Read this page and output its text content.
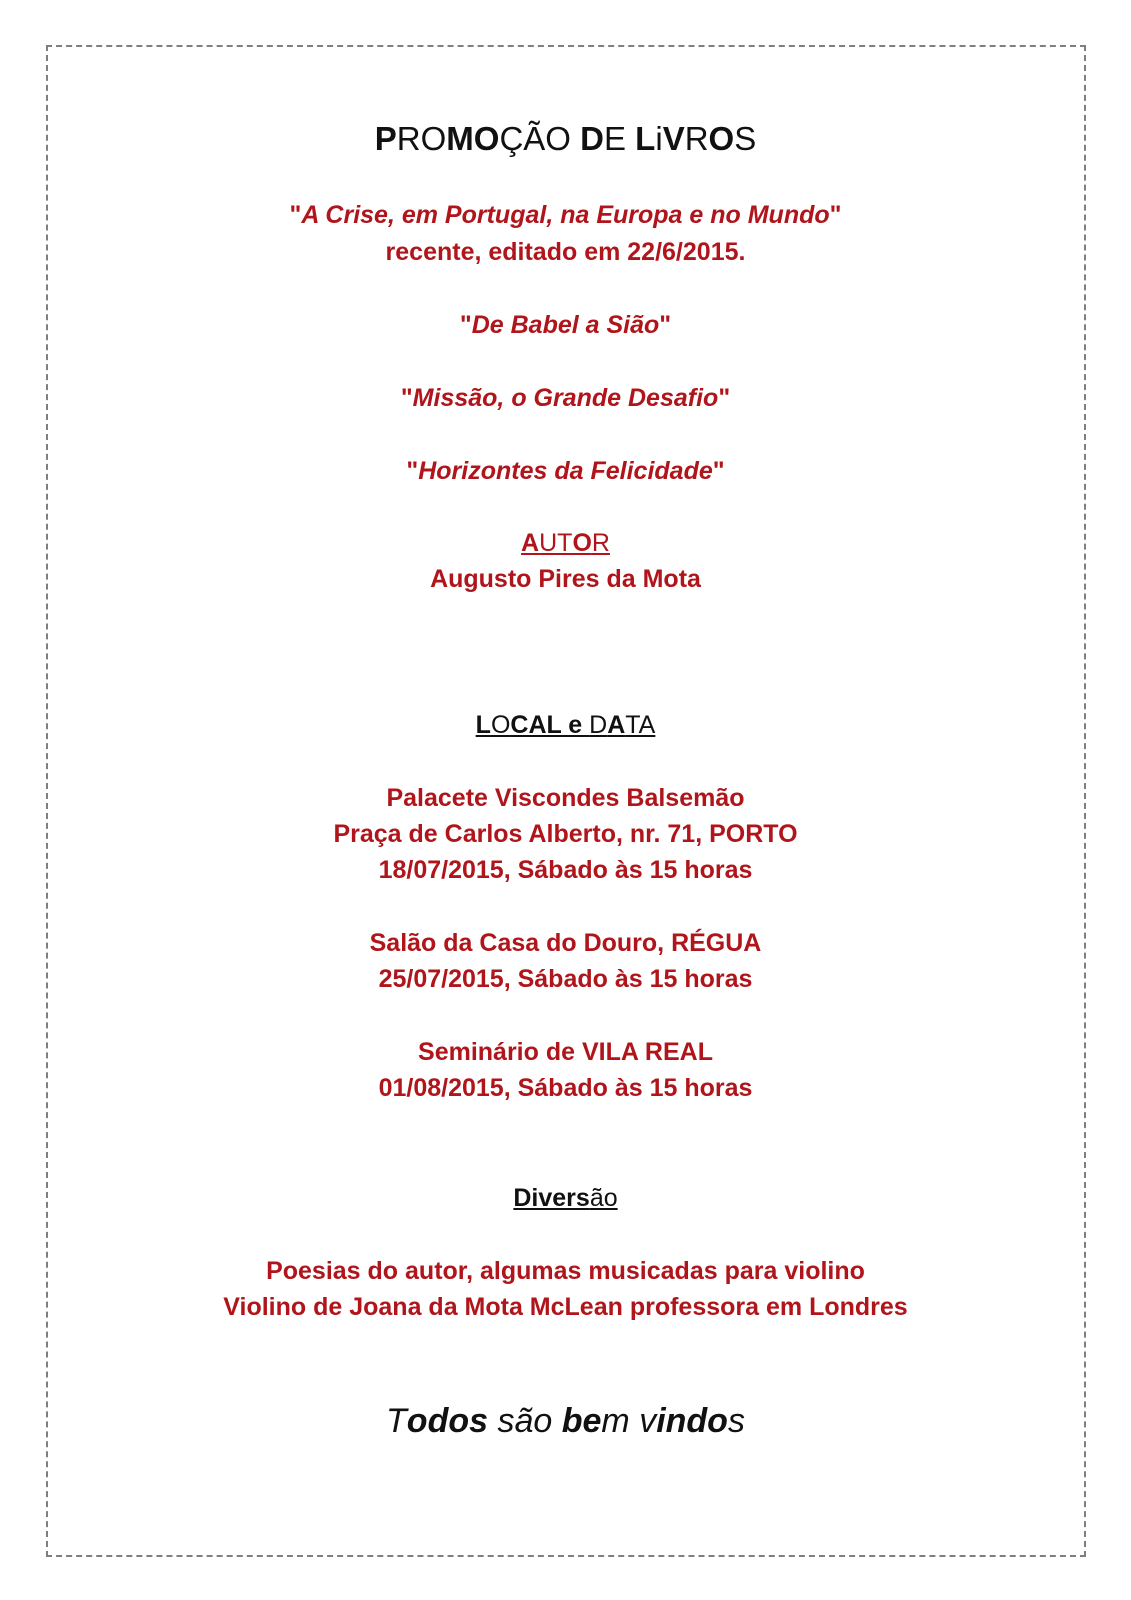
PROMOÇÃO DE LiVROS
"A Crise, em Portugal, na Europa e no Mundo"
recente, editado em 22/6/2015.
"De Babel a Sião"
"Missão, o Grande Desafio"
"Horizontes da Felicidade"
AUTOR
Augusto Pires da Mota
LOCAL e DATA
Palacete Viscondes Balsemão
Praça de Carlos Alberto, nr. 71, PORTO
18/07/2015, Sábado às 15 horas
Salão da Casa do Douro, RÉGUA
25/07/2015, Sábado às 15 horas
Seminário de VILA REAL
01/08/2015, Sábado às 15 horas
Diversão
Poesias do autor, algumas musicadas para violino
Violino de Joana da Mota McLean professora em Londres
Todos são bem vindos
